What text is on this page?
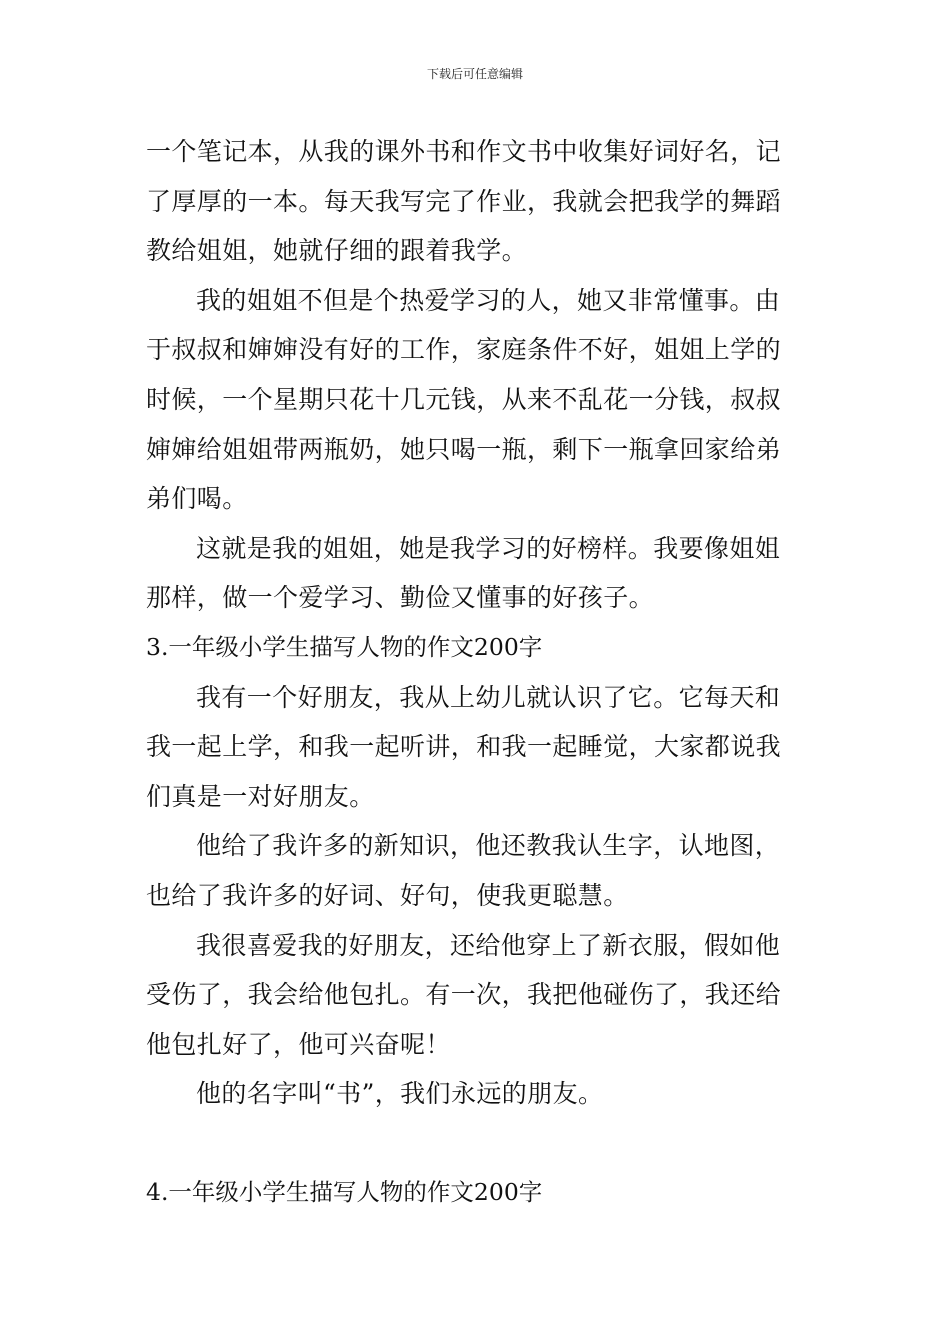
下载后可任意编辑
一个笔记本，从我的课外书和作文书中收集好词好名，记
了厚厚的一本。每天我写完了作业，我就会把我学的舞蹈
教给姐姐，她就仔细的跟着我学。
我的姐姐不但是个热爱学习的人，她又非常懂事。由
于叔叔和婶婶没有好的工作，家庭条件不好，姐姐上学的
时候，一个星期只花十几元钱，从来不乱花一分钱，叔叔
婶婶给姐姐带两瓶奶，她只喝一瓶，剩下一瓶拿回家给弟
弟们喝。
这就是我的姐姐，她是我学习的好榜样。我要像姐姐
那样，做一个爱学习、勤俭又懂事的好孩子。
3.一年级小学生描写人物的作文200字
我有一个好朋友，我从上幼儿就认识了它。它每天和
我一起上学，和我一起听讲，和我一起睡觉，大家都说我
们真是一对好朋友。
他给了我许多的新知识，他还教我认生字，认地图，
也给了我许多的好词、好句，使我更聪慧。
我很喜爱我的好朋友，还给他穿上了新衣服，假如他
受伤了，我会给他包扎。有一次，我把他碰伤了，我还给
他包扎好了，他可兴奋呢！
他的名字叫“书”，我们永远的朋友。
4.一年级小学生描写人物的作文200字
